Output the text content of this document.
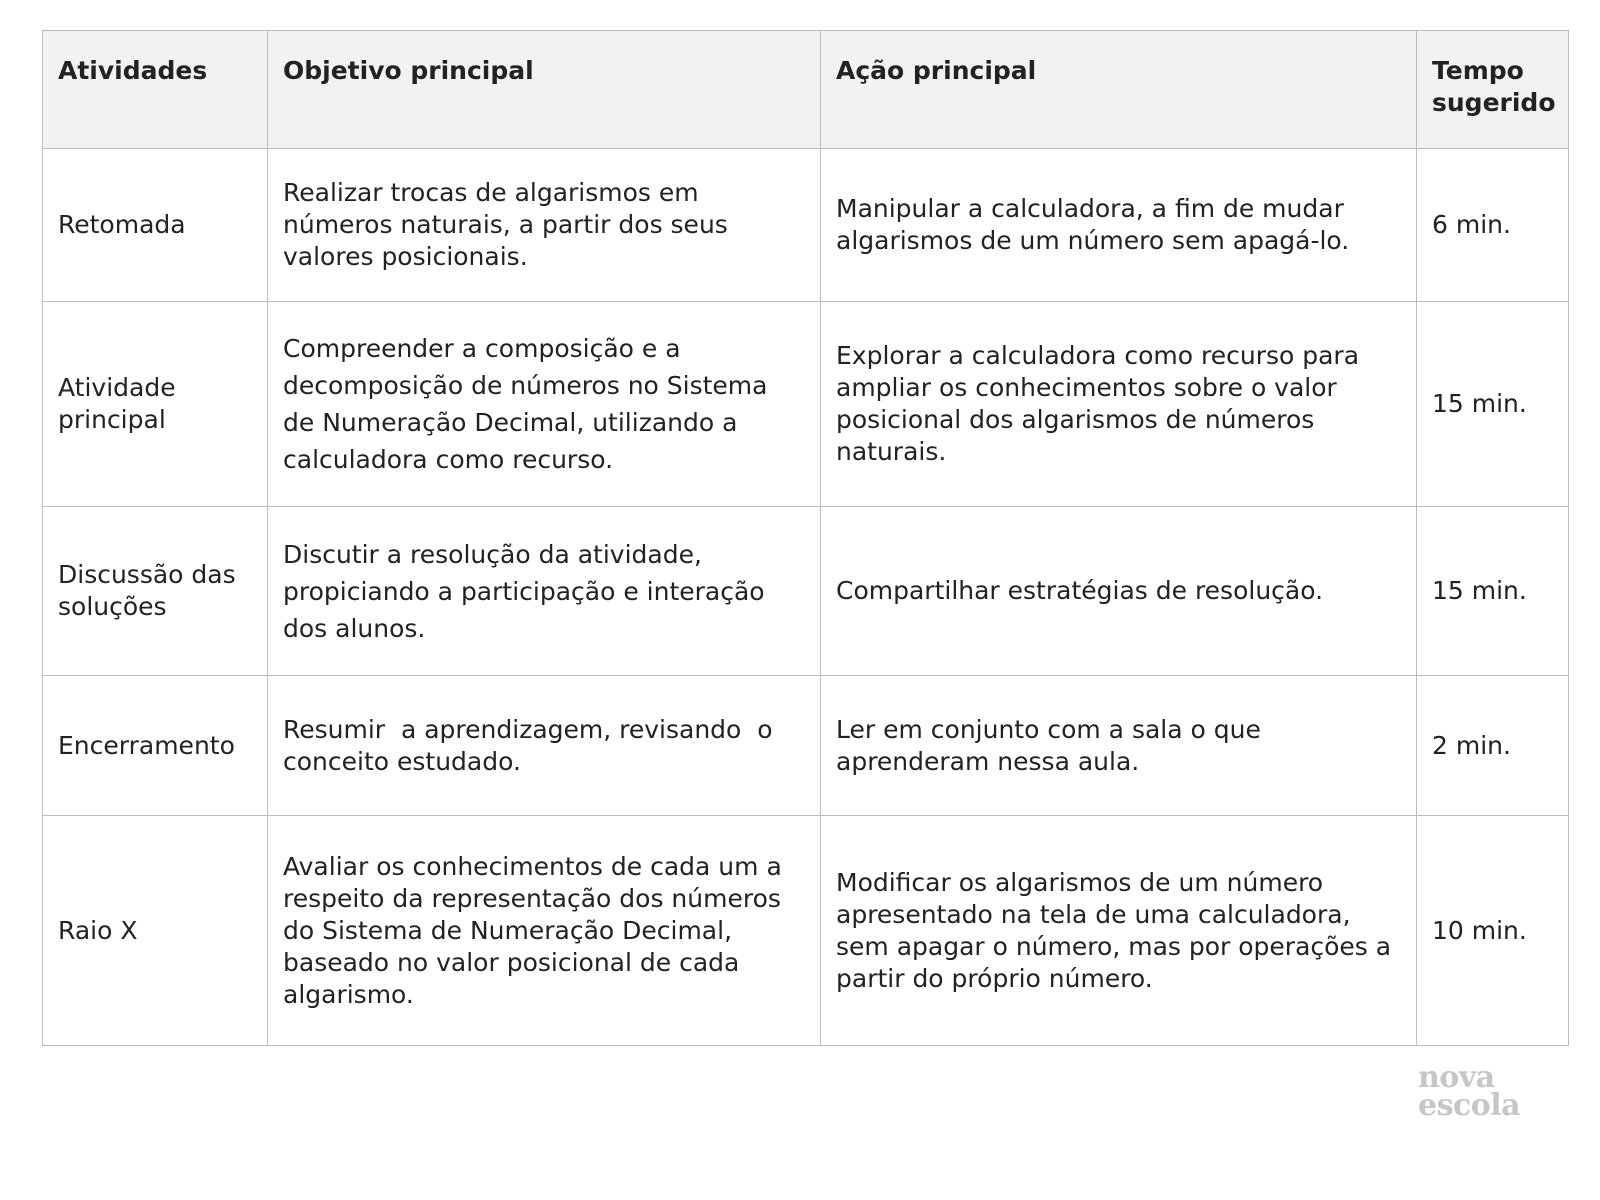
Atividades	Objetivo principal	Ação principal	Tempo sugerido
Retomada	Realizar trocas de algarismos em números naturais, a partir dos seus valores posicionais.	Manipular a calculadora, a fim de mudar algarismos de um número sem apagá-lo.	6 min.
Atividade principal	Compreender a composição e a decomposição de números no Sistema de Numeração Decimal, utilizando a calculadora como recurso.	Explorar a calculadora como recurso para ampliar os conhecimentos sobre o valor posicional dos algarismos de números naturais.	15 min.
Discussão das soluções	Discutir a resolução da atividade, propiciando a participação e interação dos alunos.	Compartilhar estratégias de resolução.	15 min.
Encerramento	Resumir  a aprendizagem, revisando  o conceito estudado.	Ler em conjunto com a sala o que aprenderam nessa aula.	2 min.
Raio X	Avaliar os conhecimentos de cada um a respeito da representação dos números do Sistema de Numeração Decimal, baseado no valor posicional de cada algarismo.	Modificar os algarismos de um número apresentado na tela de uma calculadora, sem apagar o número, mas por operações a partir do próprio número.	10 min.
nova
escola
